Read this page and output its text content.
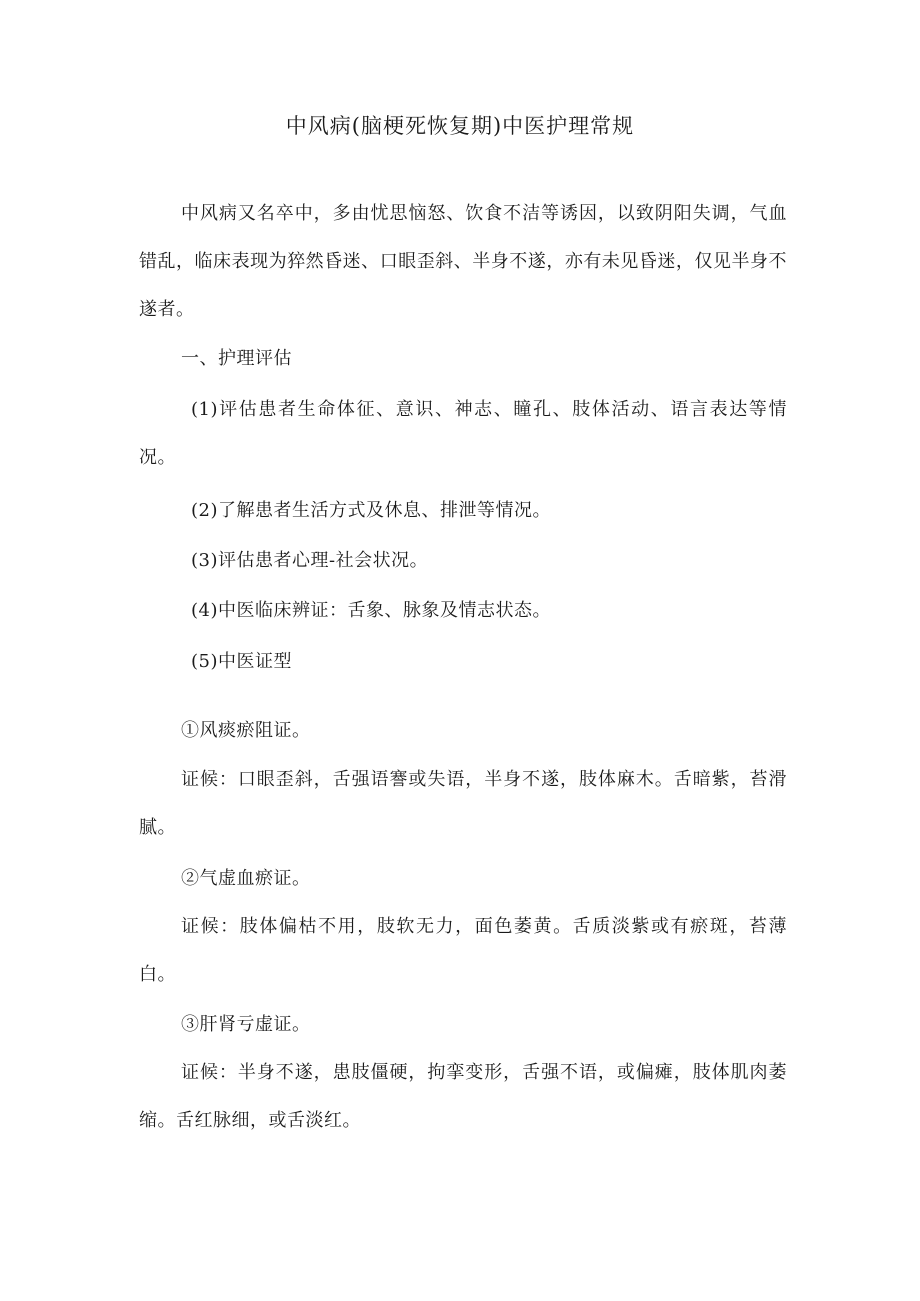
中风病(脑梗死恢复期)中医护理常规

中风病又名卒中，多由忧思恼怒、饮食不洁等诱因，以致阴阳失调，气血错乱，临床表现为猝然昏迷、口眼歪斜、半身不遂，亦有未见昏迷，仅见半身不遂者。

一、护理评估

(1)评估患者生命体征、意识、神志、瞳孔、肢体活动、语言表达等情况。

(2)了解患者生活方式及休息、排泄等情况。

(3)评估患者心理-社会状况。

(4)中医临床辨证：舌象、脉象及情志状态。

(5)中医证型

①风痰瘀阻证。

证候：口眼歪斜，舌强语謇或失语，半身不遂，肢体麻木。舌暗紫，苔滑腻。

②气虚血瘀证。

证候：肢体偏枯不用，肢软无力，面色萎黄。舌质淡紫或有瘀斑，苔薄白。

③肝肾亏虚证。

证候：半身不遂，患肢僵硬，拘挛变形，舌强不语，或偏瘫，肢体肌肉萎缩。舌红脉细，或舌淡红。
